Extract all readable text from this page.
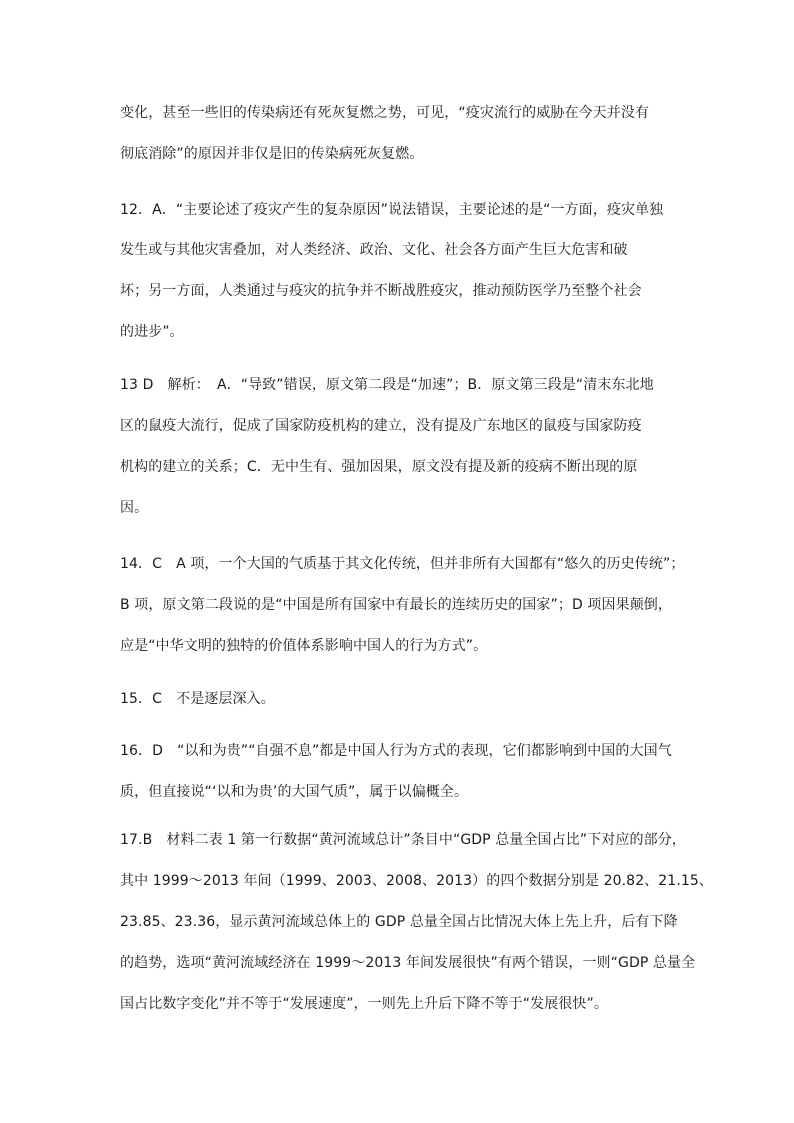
变化，甚至一些旧的传染病还有死灰复燃之势，可见，“疫灾流行的威胁在今天并没有
彻底消除”的原因并非仅是旧的传染病死灰复燃。
12．A．“主要论述了疫灾产生的复杂原因”说法错误，主要论述的是“一方面，疫灾单独
发生或与其他灾害叠加，对人类经济、政治、文化、社会各方面产生巨大危害和破
坏；另一方面，人类通过与疫灾的抗争并不断战胜疫灾，推动预防医学乃至整个社会
的进步”。
13 D　解析：　A．“导致”错误，原文第二段是“加速”；B．原文第三段是“清末东北地
区的鼠疫大流行，促成了国家防疫机构的建立，没有提及广东地区的鼠疫与国家防疫
机构的建立的关系；C．无中生有、强加因果，原文没有提及新的疫病不断出现的原
因。
14．C　A 项，一个大国的气质基于其文化传统，但并非所有大国都有“悠久的历史传统”；
B 项，原文第二段说的是“中国是所有国家中有最长的连续历史的国家”；D 项因果颠倒，
应是“中华文明的独特的价值体系影响中国人的行为方式”。
15．C　不是逐层深入。
16．D　“以和为贵”“自强不息”都是中国人行为方式的表现，它们都影响到中国的大国气
质，但直接说“‘以和为贵’的大国气质”，属于以偏概全。
17.B　材料二表 1 第一行数据“黄河流域总计”条目中“GDP 总量全国占比”下对应的部分，
其中 1999～2013 年间（1999、2003、2008、2013）的四个数据分别是 20.82、21.15、
23.85、23.36，显示黄河流域总体上的 GDP 总量全国占比情况大体上先上升，后有下降
的趋势，选项“黄河流域经济在 1999～2013 年间发展很快”有两个错误，一则“GDP 总量全
国占比数字变化”并不等于“发展速度”，一则先上升后下降不等于“发展很快”。
